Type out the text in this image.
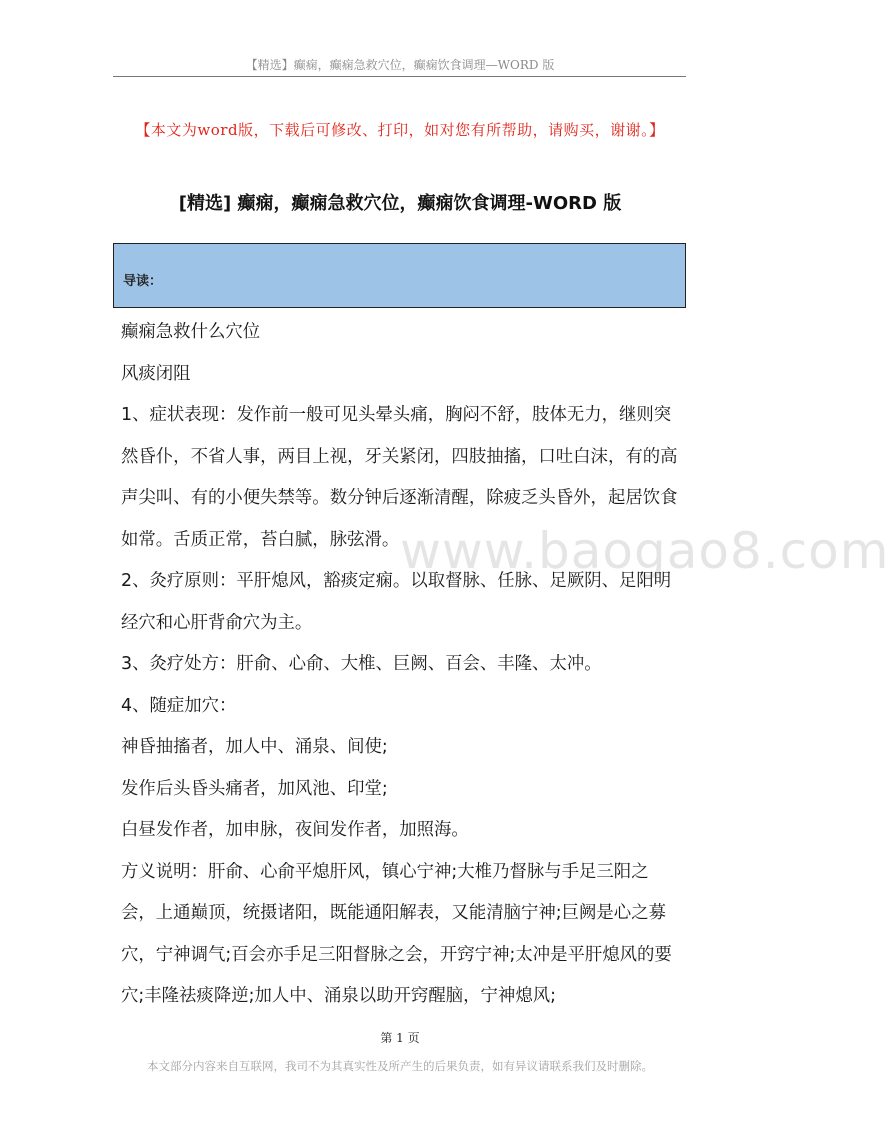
【精选】癫痫，癫痫急救穴位，癫痫饮食调理—WORD 版
【本文为word版，下载后可修改、打印，如对您有所帮助，请购买，谢谢。】
[精选] 癫痫，癫痫急救穴位，癫痫饮食调理-WORD 版
导读：
www.baogao8.com

癫痫急救什么穴位

风痰闭阻

1、症状表现：发作前一般可见头晕头痛，胸闷不舒，肢体无力，继则突然昏仆，不省人事，两目上视，牙关紧闭，四肢抽搐，口吐白沫，有的高声尖叫、有的小便失禁等。数分钟后逐渐清醒，除疲乏头昏外，起居饮食如常。舌质正常，苔白腻，脉弦滑。

2、灸疗原则：平肝熄风，豁痰定痫。以取督脉、任脉、足厥阴、足阳明经穴和心肝背俞穴为主。

3、灸疗处方：肝俞、心俞、大椎、巨阙、百会、丰隆、太冲。

4、随症加穴：

神昏抽搐者，加人中、涌泉、间使;

发作后头昏头痛者，加风池、印堂;

白昼发作者，加申脉，夜间发作者，加照海。

方义说明：肝俞、心俞平熄肝风，镇心宁神;大椎乃督脉与手足三阳之会，上通巅顶，统摄诸阳，既能通阳解表，又能清脑宁神;巨阙是心之募穴，宁神调气;百会亦手足三阳督脉之会，开窍宁神;太冲是平肝熄风的要穴;丰隆祛痰降逆;加人中、涌泉以助开窍醒脑，宁神熄风;

第 1 页
本文部分内容来自互联网，我司不为其真实性及所产生的后果负责，如有异议请联系我们及时删除。
